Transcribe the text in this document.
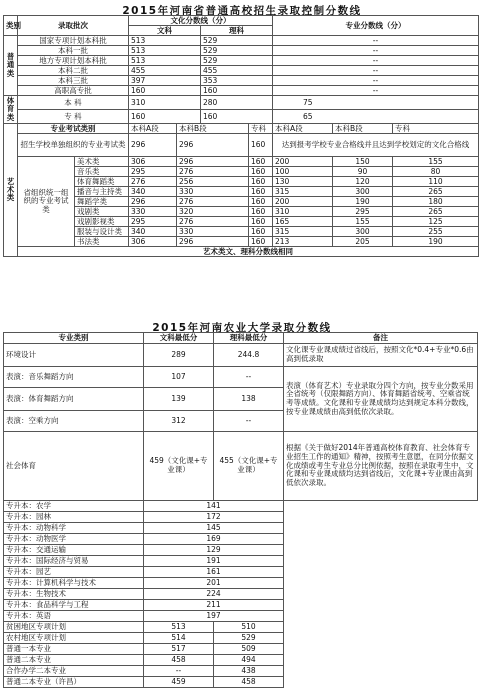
2015年河南省普通高校招生录取控制分数线
类别	录取批次		文化分数线（分）				专业分数线（分）		
			文科		理科				
普通类	国家专项计划本科批		513		529		--		
	本科一批		513		529		--		
	地方专项计划本科批		513		529		--		
	本科二批		455		455		--		
	本科三批		397		353		--		
	高职高专批		160		160		--		
体育类	本 科		310		280		75		
	专 科		160		160		65		
艺术类	专业考试类别		本科A段	本科B段		专科	本科A段	本科B段	专科
	招生学校单独组织的专业考试类		296	296		160	达到报考学校专业合格线并且达到学校划定的文化合格线		
	省组织统一组织的专业考试类	美术类	306	296		160	200	150	155
		音乐类	295	276		160	100	90	80
		体育舞蹈类	276	256		160	130	120	110
		播音与主持类	340	330		160	315	300	265
		舞蹈学类	296	276		160	200	190	180
		戏剧类	330	320		160	310	295	265
		戏剧影视类	295	276		160	165	155	125
		服装与设计类	340	330		160	315	300	255
		书法类	306	296		160	213	205	190
	艺术类文、理科分数线相同								
2015年河南农业大学录取分数线
专业类别	文科最低分	理科最低分	备注
环境设计	289	244.8	文化课专业课成绩过省线后，按照文化*0.4+专业*0.6由高到低录取
表演：音乐舞蹈方向	107	--	表演（体育艺术）专业录取分四个方向，按专业分数采用全省统考（仅限舞蹈方向）、体育舞蹈省统考、空乘省统考等成绩。文化课和专业课成绩均达到规定本科分数线，按专业课成绩由高到低依次录取。
表演：体育舞蹈方向	139	138	
表演：空乘方向	312	--	
社会体育	459（文化课+专业课）	455（文化课+专业课）	根据《关于做好2014年普通高校体育教育、社会体育专业招生工作的通知》精神，按照考生意愿，在同分依据文化成绩或考生专业总分比例依据，按照在录取考生中，文化课和专业课成绩均达到省线后，文化课+专业课由高到低依次录取。
专升本：农学	141		
专升本：园林	172		
专升本：动物科学	145		
专升本：动物医学	169		
专升本：交通运输	129		
专升本：国际经济与贸易	191		
专升本：园艺	161		
专升本：计算机科学与技术	201		
专升本：生物技术	224		
专升本：食品科学与工程	211		
专升本：英语	197		
贫困地区专项计划	513	510	
农村地区专项计划	514	529	
普通一本专业	517	509	
普通二本专业	458	494	
合作办学二本专业	--	438	
普通二本专业（许昌）	459	458	
